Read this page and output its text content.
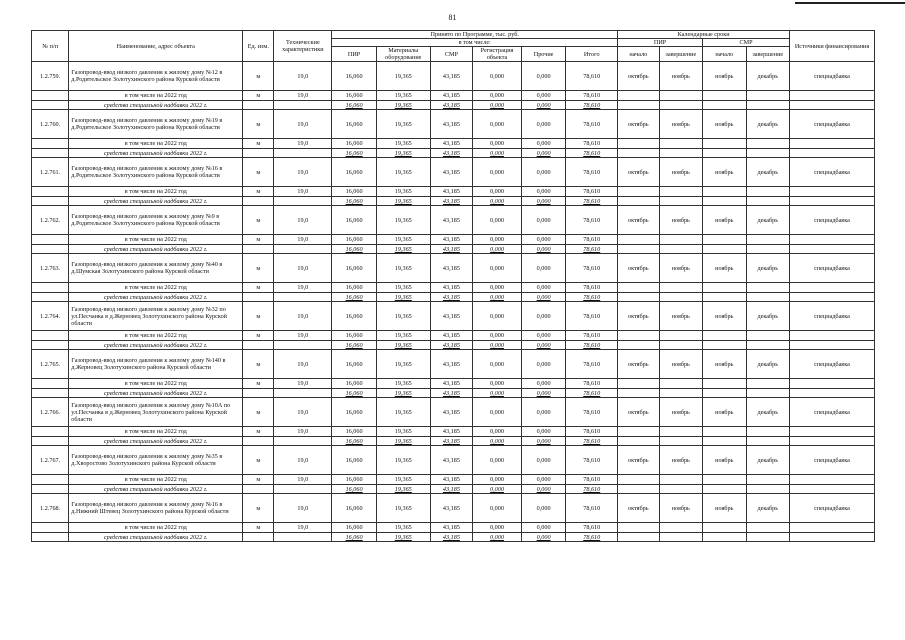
81
№ п/п	Наименование, адрес объекта	Ед. изм.	Технические характеристики	Принято по Программе, тыс. руб.						Календарные сроки				Источники финансирования
				в том числе:						ПИР		СМР		
				ПИР	Материалы оборудование	СМР	Регистрация объекта	Прочие	Итого	начало	завершение	начало	завершение	
1.2.759.	Газопровод-ввод низкого давления к жилому дому №12 в д.Родительское Золотухинского района Курской области	м	19,0	16,060	19,365	43,185	0,000	0,000	78,610	октябрь	ноябрь	ноябрь	декабрь	спецнадбавка
	в том числе на 2022 год	м	19,0	16,060	19,365	43,185	0,000	0,000	78,610					
	средства специальной надбавки 2022 г.			16,060	19,365	43,185	0,000	0,000	78,610					
1.2.760.	Газопровод-ввод низкого давления к жилому дому №19 в д.Родительское Золотухинского района Курской области	м	19,0	16,060	19,365	43,185	0,000	0,000	78,610	октябрь	ноябрь	ноябрь	декабрь	спецнадбавка
	в том числе на 2022 год	м	19,0	16,060	19,365	43,185	0,000	0,000	78,610					
	средства специальной надбавки 2022 г.			16,060	19,365	43,185	0,000	0,000	78,610					
1.2.761.	Газопровод-ввод низкого давления к жилому дому №16 в д.Родительское Золотухинского района Курской области	м	19,0	16,060	19,365	43,185	0,000	0,000	78,610	октябрь	ноябрь	ноябрь	декабрь	спецнадбавка
	в том числе на 2022 год	м	19,0	16,060	19,365	43,185	0,000	0,000	78,610					
	средства специальной надбавки 2022 г.			16,060	19,365	43,185	0,000	0,000	78,610					
1.2.762.	Газопровод-ввод низкого давления к жилому дому №9 в д.Родительское Золотухинского района Курской области	м	19,0	16,060	19,365	43,185	0,000	0,000	78,610	октябрь	ноябрь	ноябрь	декабрь	спецнадбавка
	в том числе на 2022 год	м	19,0	16,060	19,365	43,185	0,000	0,000	78,610					
	средства специальной надбавки 2022 г.			16,060	19,365	43,185	0,000	0,000	78,610					
1.2.763.	Газопровод-ввод низкого давления к жилому дому №40 в д.Шумская Золотухинского района Курской области	м	19,0	16,060	19,365	43,185	0,000	0,000	78,610	октябрь	ноябрь	ноябрь	декабрь	спецнадбавка
	в том числе на 2022 год	м	19,0	16,060	19,365	43,185	0,000	0,000	78,610					
	средства специальной надбавки 2022 г.			16,060	19,365	43,185	0,000	0,000	78,610					
1.2.764.	Газопровод-ввод низкого давления к жилому дому №32 по ул.Песчанка в д.Жерновец Золотухинского района Курской области	м	19,0	16,060	19,365	43,185	0,000	0,000	78,610	октябрь	ноябрь	ноябрь	декабрь	спецнадбавка
	в том числе на 2022 год	м	19,0	16,060	19,365	43,185	0,000	0,000	78,610					
	средства специальной надбавки 2022 г.			16,060	19,365	43,185	0,000	0,000	78,610					
1.2.765.	Газопровод-ввод низкого давления к жилому дому №140 в д.Жерновец Золотухинского района Курской области	м	19,0	16,060	19,365	43,185	0,000	0,000	78,610	октябрь	ноябрь	ноябрь	декабрь	спецнадбавка
	в том числе на 2022 год	м	19,0	16,060	19,365	43,185	0,000	0,000	78,610					
	средства специальной надбавки 2022 г.			16,060	19,365	43,185	0,000	0,000	78,610					
1.2.766.	Газопровод-ввод низкого давления к жилому дому №10А по ул.Песчанка в д.Жерновец Золотухинского района Курской области	м	19,0	16,060	19,365	43,185	0,000	0,000	78,610	октябрь	ноябрь	ноябрь	декабрь	спецнадбавка
	в том числе на 2022 год	м	19,0	16,060	19,365	43,185	0,000	0,000	78,610					
	средства специальной надбавки 2022 г.			16,060	19,365	43,185	0,000	0,000	78,610					
1.2.767.	Газопровод-ввод низкого давления к жилому дому №35 в д.Хворостово Золотухинского района Курской области	м	19,0	16,060	19,365	43,185	0,000	0,000	78,610	октябрь	ноябрь	ноябрь	декабрь	спецнадбавка
	в том числе на 2022 год	м	19,0	16,060	19,365	43,185	0,000	0,000	78,610					
	средства специальной надбавки 2022 г.			16,060	19,365	43,185	0,000	0,000	78,610					
1.2.768.	Газопровод-ввод низкого давления к жилому дому №16 в д.Нижний Штевец Золотухинского района Курской области	м	19,0	16,060	19,365	43,185	0,000	0,000	78,610	октябрь	ноябрь	ноябрь	декабрь	спецнадбавка
	в том числе на 2022 год	м	19,0	16,060	19,365	43,185	0,000	0,000	78,610					
	средства специальной надбавки 2022 г.			16,060	19,365	43,185	0,000	0,000	78,610					
